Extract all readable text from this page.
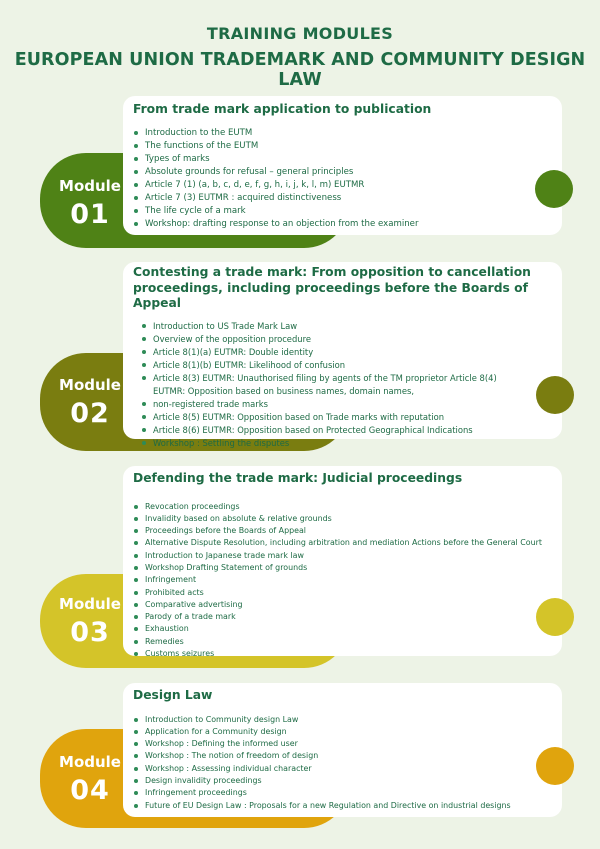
TRAINING MODULES
EUROPEAN UNION TRADEMARK AND COMMUNITY DESIGN LAW
Module
01
From trade mark application to publication
Introduction to the EUTM
The functions of the EUTM
Types of marks
Absolute grounds for refusal – general principles
Article 7 (1) (a, b, c, d, e, f, g, h, i, j, k, l, m) EUTMR
Article 7 (3) EUTMR : acquired distinctiveness
The life cycle of a mark
Workshop: drafting response to an objection from the examiner
Module
02
Contesting a trade mark: From opposition to cancellation proceedings, including proceedings before the Boards of Appeal
Introduction to US Trade Mark Law
Overview of the opposition procedure
Article 8(1)(a) EUTMR: Double identity
Article 8(1)(b) EUTMR: Likelihood of confusion
Article 8(3) EUTMR: Unauthorised filing by agents of the TM proprietor Article 8(4)
EUTMR: Opposition based on business names, domain names,
non-registered trade marks
Article 8(5) EUTMR: Opposition based on Trade marks with reputation
Article 8(6) EUTMR: Opposition based on Protected Geographical Indications
Workshop : Settling the disputes
Module
03
Defending the trade mark: Judicial proceedings
Revocation proceedings
Invalidity based on absolute & relative grounds
Proceedings before the Boards of Appeal
Alternative Dispute Resolution, including arbitration and mediation Actions before the General Court
Introduction to Japanese trade mark law
Workshop Drafting Statement of grounds
Infringement
Prohibited acts
Comparative advertising
Parody of a trade mark
Exhaustion
Remedies
Customs seizures
Module
04
Design Law
Introduction to Community design Law
Application for a Community design
Workshop : Defining the informed user
Workshop : The notion of freedom of design
Workshop : Assessing individual character
Design invalidity proceedings
Infringement proceedings
Future of EU Design Law : Proposals for a new Regulation and Directive on industrial designs
